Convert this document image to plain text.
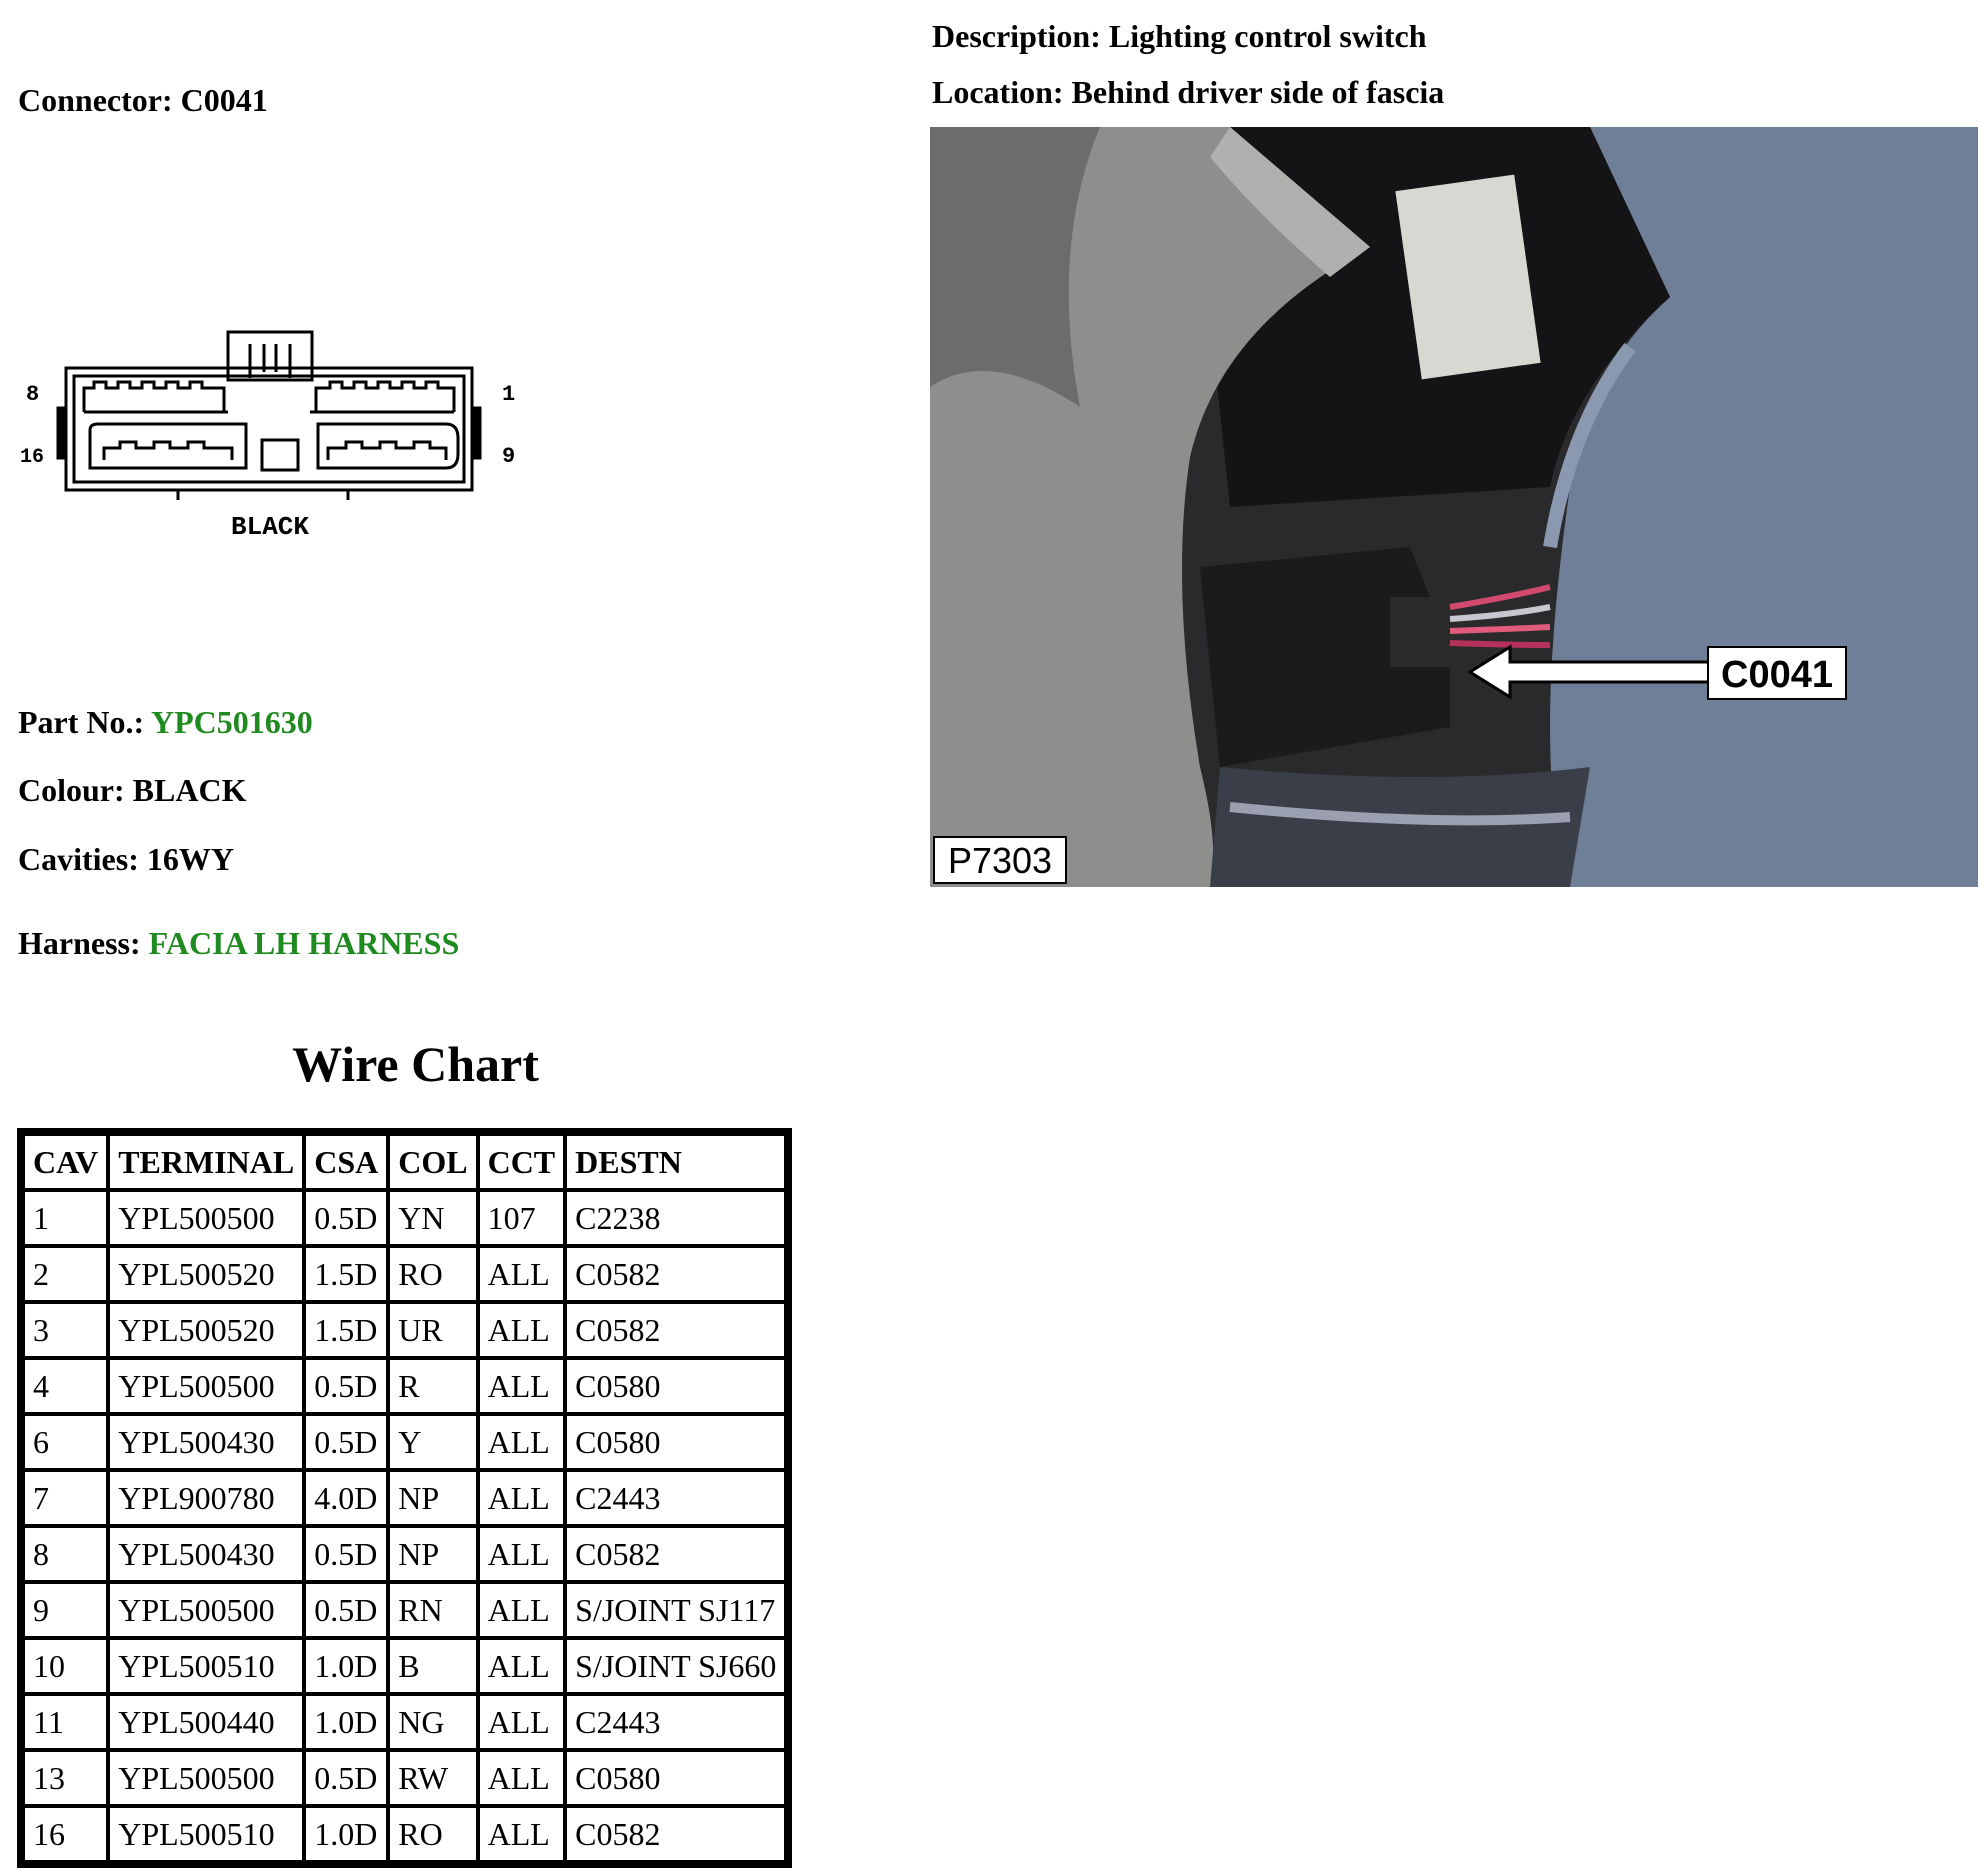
Connector: C0041
Description: Lighting control switch
Location: Behind driver side of fascia
8	1
16	9
BLACK
C0041
P7303
Part No.: YPC501630
Colour: BLACK
Cavities: 16WY
Harness: FACIA LH HARNESS
Wire Chart
CAV	TERMINAL	CSA	COL	CCT	DESTN
1	YPL500500	0.5D	YN	107	C2238
2	YPL500520	1.5D	RO	ALL	C0582
3	YPL500520	1.5D	UR	ALL	C0582
4	YPL500500	0.5D	R	ALL	C0580
6	YPL500430	0.5D	Y	ALL	C0580
7	YPL900780	4.0D	NP	ALL	C2443
8	YPL500430	0.5D	NP	ALL	C0582
9	YPL500500	0.5D	RN	ALL	S/JOINT SJ117
10	YPL500510	1.0D	B	ALL	S/JOINT SJ660
11	YPL500440	1.0D	NG	ALL	C2443
13	YPL500500	0.5D	RW	ALL	C0580
16	YPL500510	1.0D	RO	ALL	C0582
